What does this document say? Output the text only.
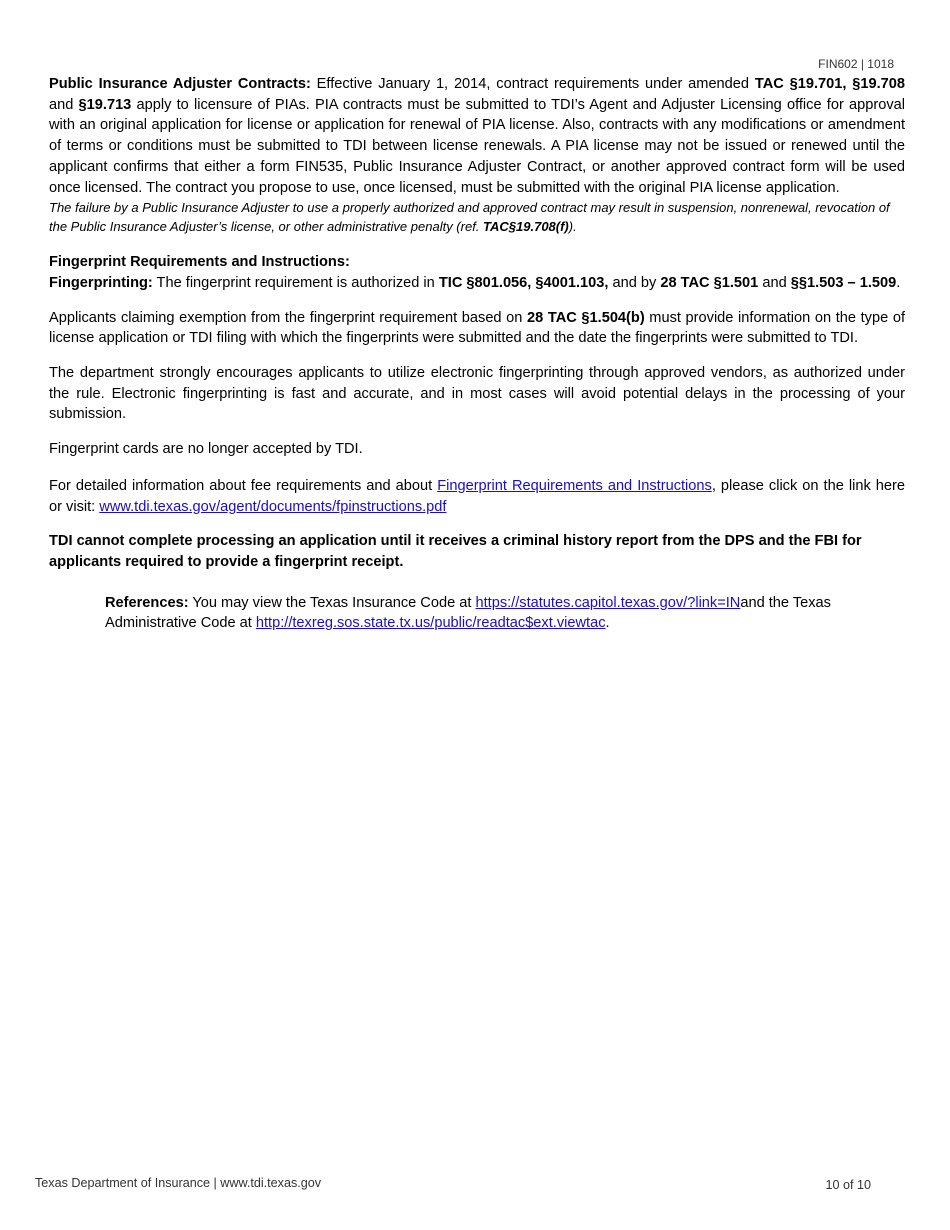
FIN602 | 1018

Public Insurance Adjuster Contracts: Effective January 1, 2014, contract requirements under amended TAC §19.701, §19.708 and §19.713 apply to licensure of PIAs. PIA contracts must be submitted to TDI’s Agent and Adjuster Licensing office for approval with an original application for license or application for renewal of PIA license. Also, contracts with any modifications or amendment of terms or conditions must be submitted to TDI between license renewals. A PIA license may not be issued or renewed until the applicant confirms that either a form FIN535, Public Insurance Adjuster Contract, or another approved contract form will be used once licensed. The contract you propose to use, once licensed, must be submitted with the original PIA license application.

The failure by a Public Insurance Adjuster to use a properly authorized and approved contract may result in suspension, nonrenewal, revocation of the Public Insurance Adjuster’s license, or other administrative penalty (ref. TAC§19.708(f)).

Fingerprint Requirements and Instructions:

Fingerprinting: The fingerprint requirement is authorized in TIC §801.056, §4001.103, and by 28 TAC §1.501 and §§1.503 – 1.509.

Applicants claiming exemption from the fingerprint requirement based on 28 TAC §1.504(b) must provide information on the type of license application or TDI filing with which the fingerprints were submitted and the date the fingerprints were submitted to TDI.

The department strongly encourages applicants to utilize electronic fingerprinting through approved vendors, as authorized under the rule. Electronic fingerprinting is fast and accurate, and in most cases will avoid potential delays in the processing of your submission.

Fingerprint cards are no longer accepted by TDI.

For detailed information about fee requirements and about Fingerprint Requirements and Instructions, please click on the link here or visit: www.tdi.texas.gov/agent/documents/fpinstructions.pdf

TDI cannot complete processing an application until it receives a criminal history report from the DPS and the FBI for applicants required to provide a fingerprint receipt.

References: You may view the Texas Insurance Code at https://statutes.capitol.texas.gov/?link=INand the Texas Administrative Code at http://texreg.sos.state.tx.us/public/readtac$ext.viewtac.

Texas Department of Insurance | www.tdi.texas.gov	10 of 10
